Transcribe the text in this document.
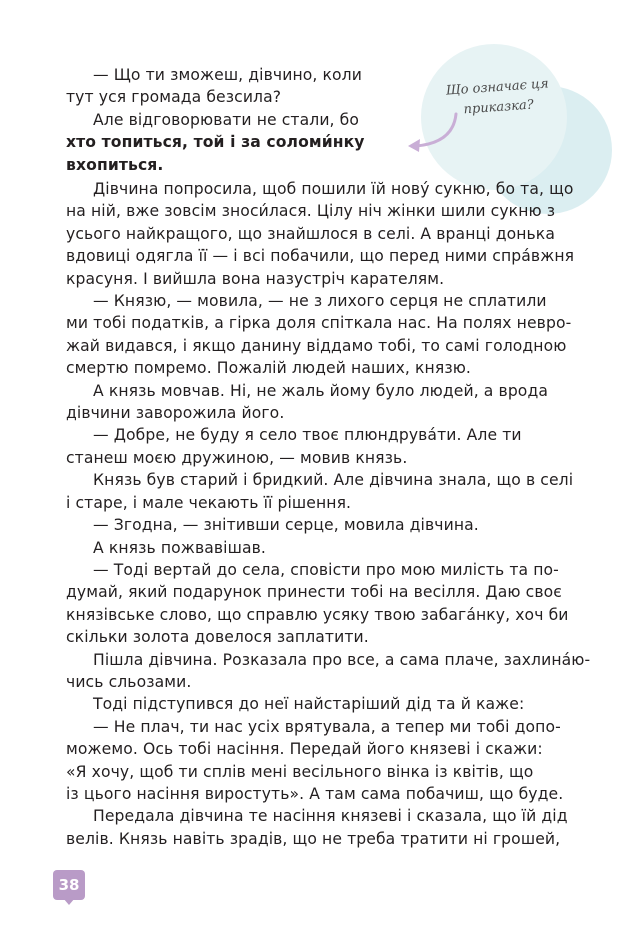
Що означає ця
приказка?
— Що ти зможеш, дівчино, коли
тут уся громада безсила?
Але відговорювати не стали, бо
хто топиться, той і за соломи́нку
вхопиться.
Дівчина попросила, щоб пошили їй нову́ сукню, бо та, що
на ній, вже зовсім зноси́лася. Цілу ніч жінки шили сукню з
усього найкращого, що знайшлося в селі. А вранці донька
вдовиці одягла її — і всі побачили, що перед ними спра́вжня
красуня. І вийшла вона назустріч карателям.
— Князю, — мовила, — не з лихого серця не сплатили
ми тобі податків, а гірка доля спіткала нас. На полях невро-
жай видався, і якщо данину віддамо тобі, то самі голодною
смертю помремо. Пожалій людей наших, князю.
А князь мовчав. Ні, не жаль йому було людей, а врода
дівчини заворожила його.
— Добре, не буду я село твоє плюндрува́ти. Але ти
станеш моєю дружиною, — мовив князь.
Князь був старий і бридкий. Але дівчина знала, що в селі
і старе, і мале чекають її рішення.
— Згодна, — знітивши серце, мовила дівчина.
А князь пожвавішав.
— Тоді вертай до села, сповісти про мою милість та по-
думай, який подарунок принести тобі на весілля. Даю своє
князівське слово, що справлю усяку твою забага́нку, хоч би
скільки золота довелося заплатити.
Пішла дівчина. Розказала про все, а сама плаче, захлина́ю-
чись сльозами.
Тоді підступився до неї найстаріший дід та й каже:
— Не плач, ти нас усіх врятувала, а тепер ми тобі допо-
можемо. Ось тобі насіння. Передай його князеві і скажи:
«Я хочу, щоб ти сплів мені весільного вінка із квітів, що
із цього насіння виростуть». А там сама побачиш, що буде.
Передала дівчина те насіння князеві і сказала, що їй дід
велів. Князь навіть зрадів, що не треба тратити ні грошей,
38
